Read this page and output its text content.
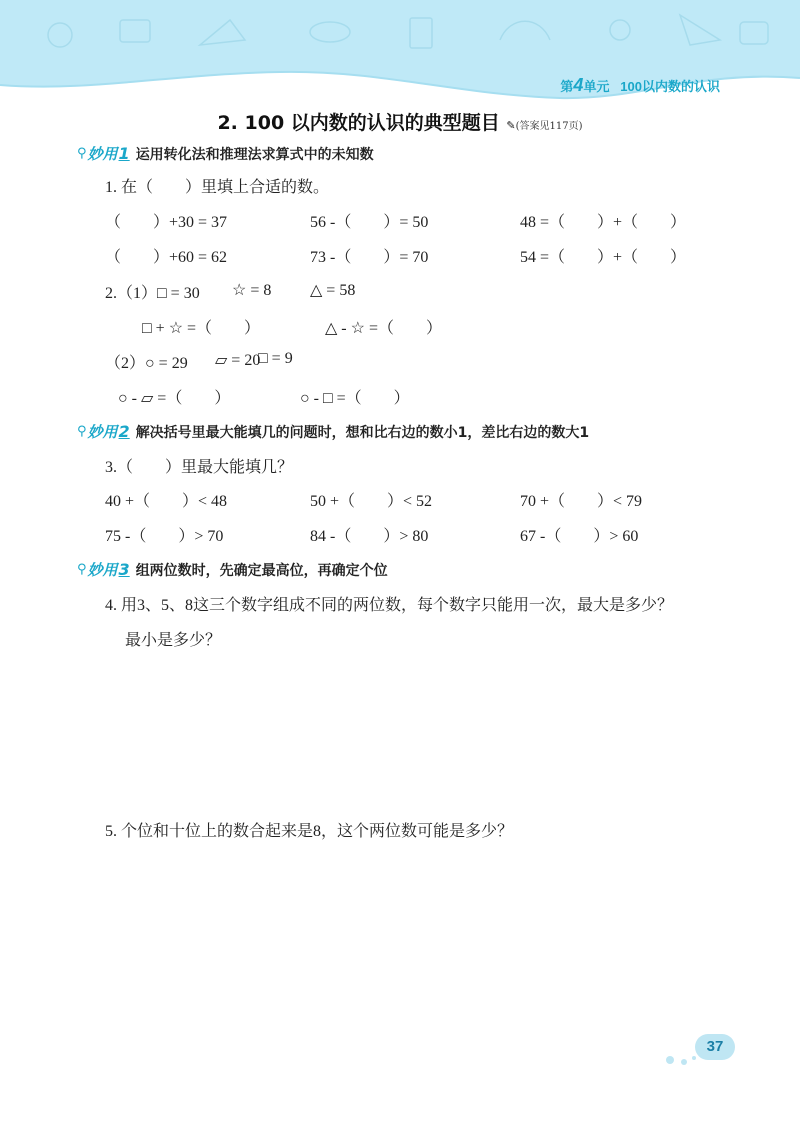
第4单元 100以内数的认识
2. 100 以内数的认识的典型题目 ✎(答案见117页)
⚲ 妙用 1 运用转化法和推理法求算式中的未知数
1. 在（　　）里填上合适的数。
（　　）+30 = 37	56 -（　　）= 50	48 =（　　）+（　　）
（　　）+60 = 62	73 -（　　）= 70	54 =（　　）+（　　）
2.（1）□ = 30 ☆ = 8 △ = 58
□ + ☆ =（　　）	△ - ☆ =（　　）
（2）○ = 29 ▱ = 20
□ = 9
○ - ▱ =（　　）	○ - □ =（　　）
⚲ 妙用 2 解决括号里最大能填几的问题时，想和比右边的数小1，差比右边的数大1
3.（　　）里最大能填几？
40 +（　　）< 48	50 +（　　）< 52	70 +（　　）< 79
75 -（　　）> 70	84 -（　　）> 80	67 -（　　）> 60
⚲ 妙用 3 组两位数时，先确定最高位，再确定个位
4. 用3、5、8这三个数字组成不同的两位数，每个数字只能用一次，最大是多少？
最小是多少？
5. 个位和十位上的数合起来是8，这个两位数可能是多少？
37
